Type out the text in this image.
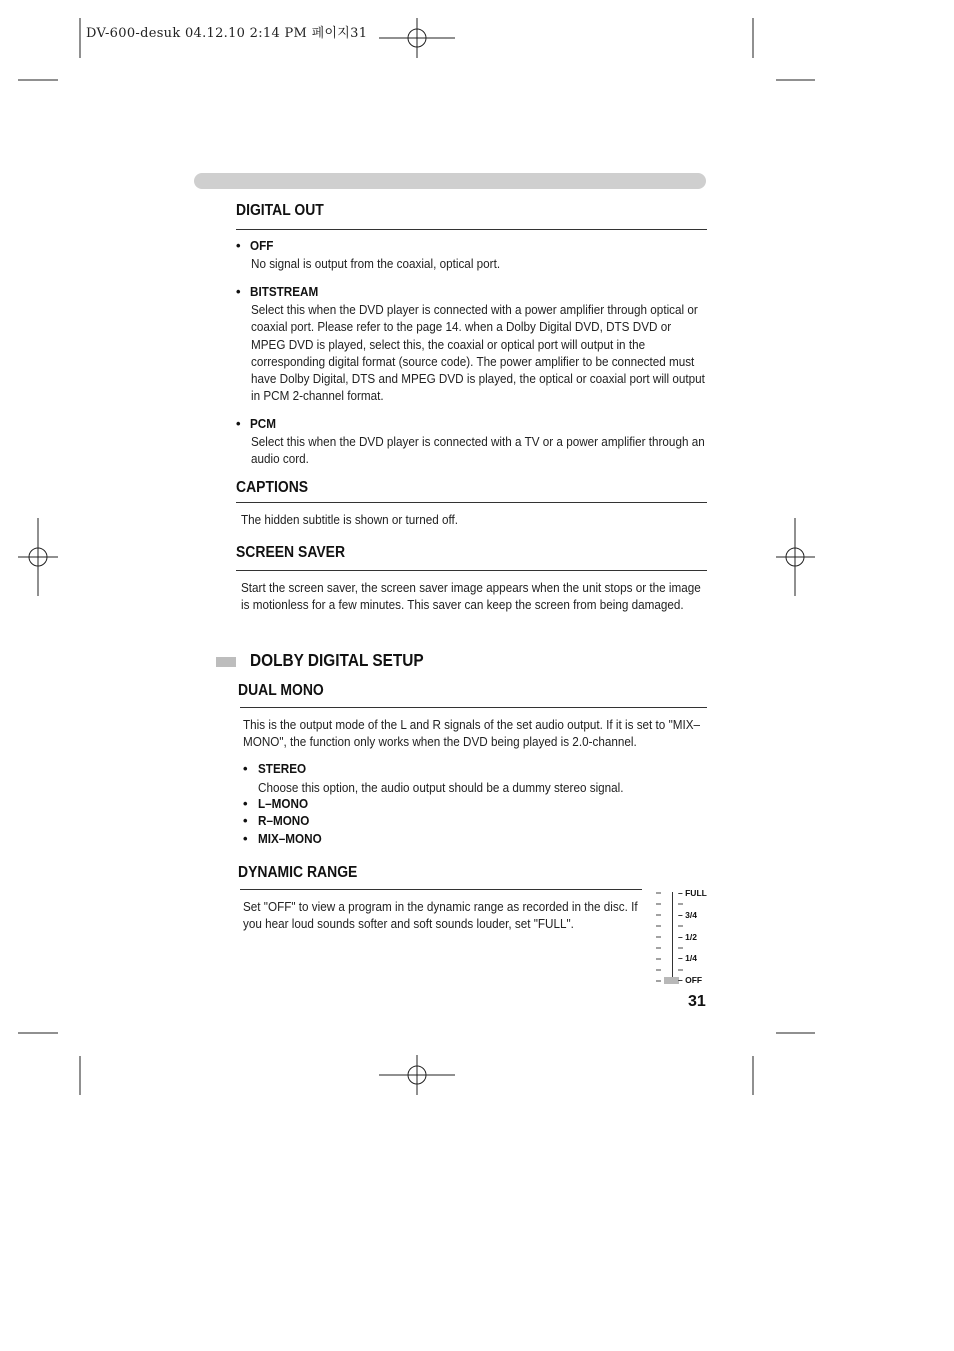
DV-600-desuk 04.12.10 2:14 PM 페이지31
DIGITAL OUT
• OFF
No signal is output from the coaxial, optical port.
• BITSTREAM
Select this when the DVD player is connected with a power amplifier through optical or coaxial port. Please refer to the page 14. when a Dolby Digital DVD, DTS DVD or MPEG DVD is played, select this, the coaxial or optical port will output in the corresponding digital format (source code). The power amplifier to be connected must have Dolby Digital, DTS and MPEG DVD is played, the optical or coaxial port will output in PCM 2-channel format.
• PCM
Select this when the DVD player is connected with a TV or a power amplifier through an audio cord.
CAPTIONS
The hidden subtitle is shown or turned off.
SCREEN SAVER
Start the screen saver, the screen saver image appears when the unit stops or the image is motionless for a few minutes. This saver can keep the screen from being damaged.
DOLBY DIGITAL SETUP
DUAL MONO
This is the output mode of the L and R signals of the set audio output. If it is set to "MIX– MONO", the function only works when the DVD being played is 2.0-channel.
• STEREO
Choose this option, the audio output should be a dummy stereo signal.
• L–MONO
• R–MONO
• MIX–MONO
DYNAMIC RANGE
Set "OFF" to view a program in the dynamic range as recorded in the disc. If you hear loud sounds softer and soft sounds louder, set "FULL".
– FULL
– 3/4
– 1/2
– 1/4
– OFF
31
